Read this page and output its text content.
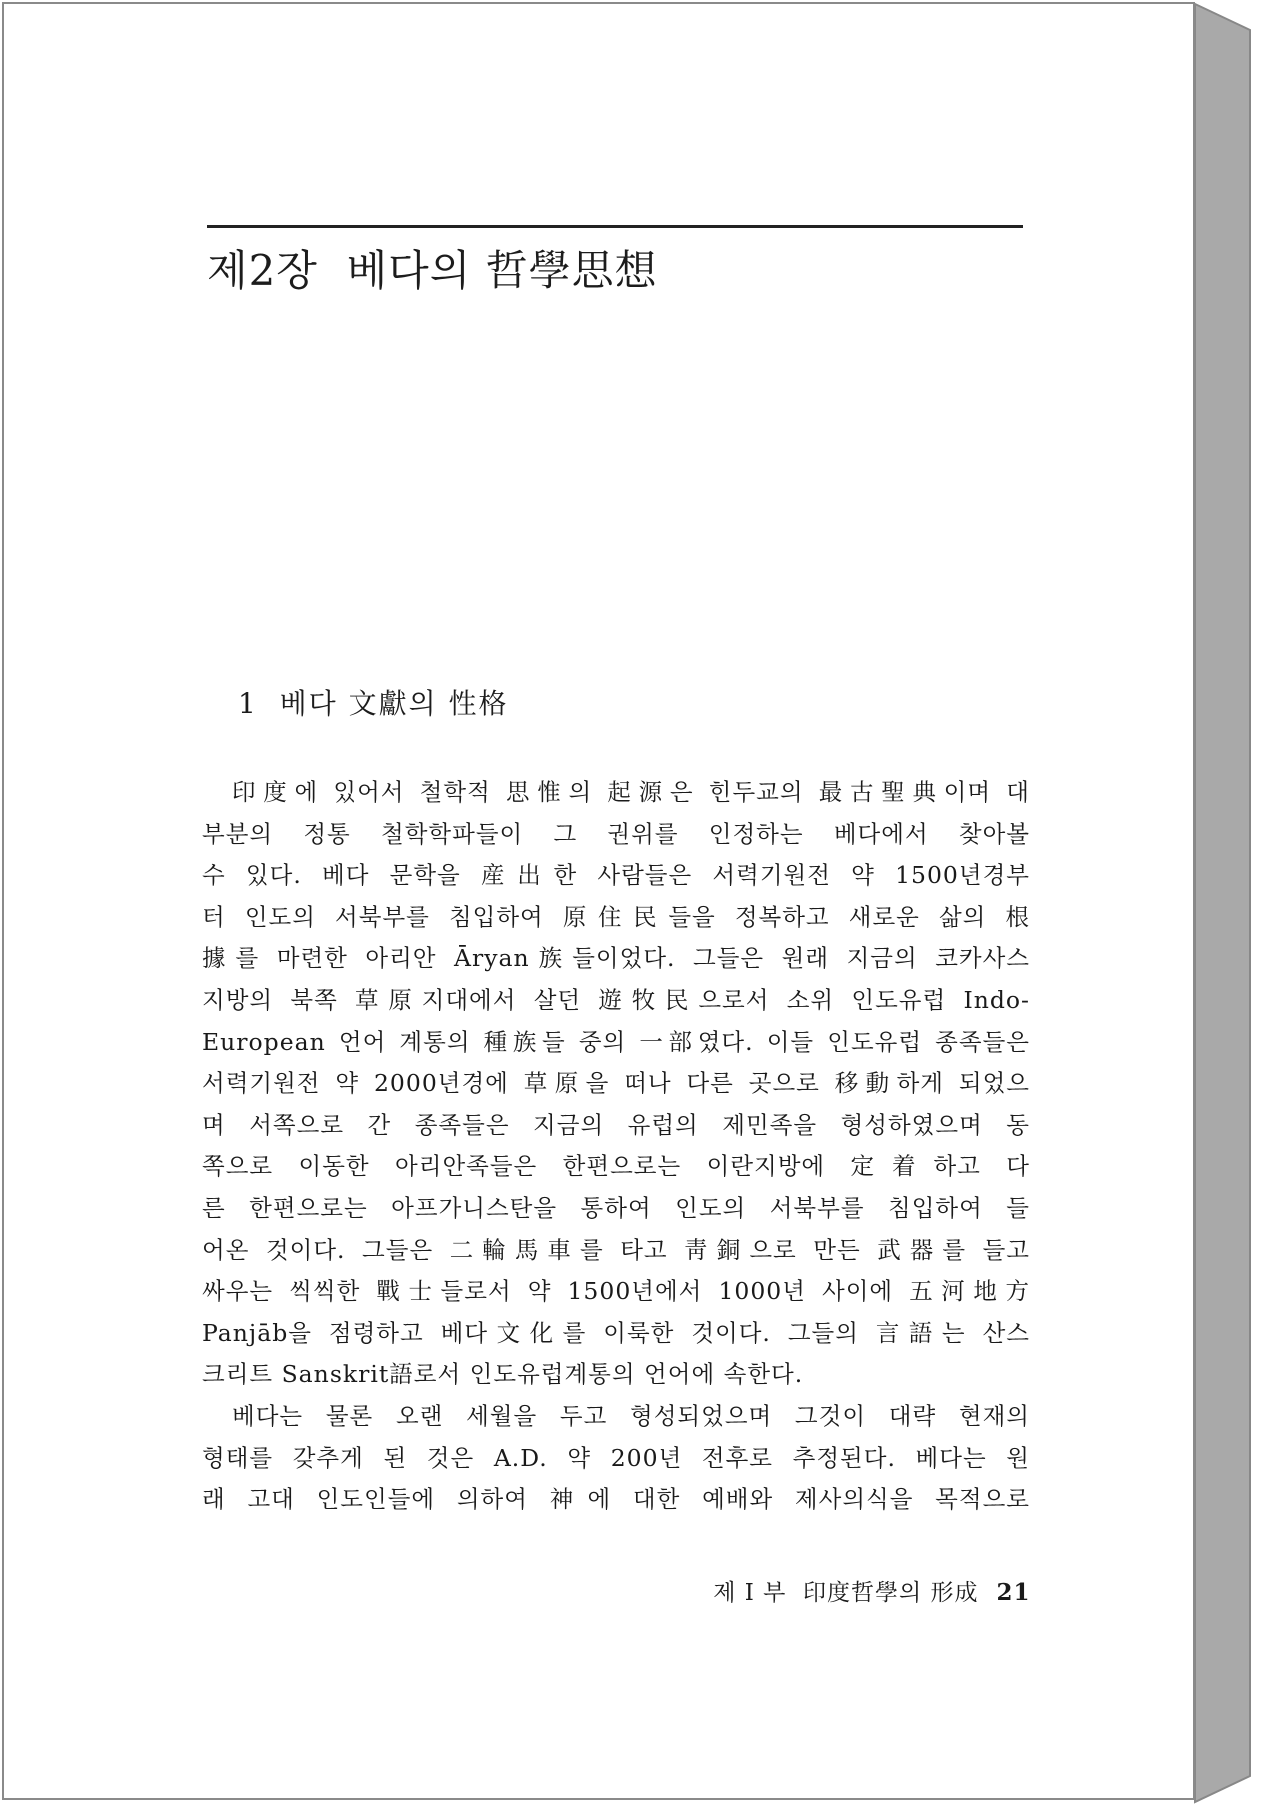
제2장  베다의 哲學思想
1  베다 文獻의 性格
印度에 있어서 철학적 思惟의 起源은 힌두교의 最古聖典이며 대
부분의 정통 철학학파들이 그 권위를 인정하는 베다에서 찾아볼
수 있다. 베다 문학을 産出한 사람들은 서력기원전 약 1500년경부
터 인도의 서북부를 침입하여 原住民들을 정복하고 새로운 삶의 根
據를 마련한 아리안 Āryan族들이었다. 그들은 원래 지금의 코카사스
지방의 북쪽 草原지대에서 살던 遊牧民으로서 소위 인도유럽 Indo-
European 언어 계통의 種族들 중의 一部였다. 이들 인도유럽 종족들은
서력기원전 약 2000년경에 草原을 떠나 다른 곳으로 移動하게 되었으
며 서쪽으로 간 종족들은 지금의 유럽의 제민족을 형성하였으며 동
쪽으로 이동한 아리안족들은 한편으로는 이란지방에 定着하고 다
른 한편으로는 아프가니스탄을 통하여 인도의 서북부를 침입하여 들
어온 것이다. 그들은 二輪馬車를 타고 靑銅으로 만든 武器를 들고
싸우는 씩씩한 戰士들로서 약 1500년에서 1000년 사이에 五河地方
Panjāb을 점령하고 베다文化를 이룩한 것이다. 그들의 言語는 산스
크리트 Sanskrit語로서 인도유럽계통의 언어에 속한다.
베다는 물론 오랜 세월을 두고 형성되었으며 그것이 대략 현재의
형태를 갖추게 된 것은 A.D. 약 200년 전후로 추정된다. 베다는 원
래 고대 인도인들에 의하여 神에 대한 예배와 제사의식을 목적으로

제 I 부  印度哲學의 形成 21
